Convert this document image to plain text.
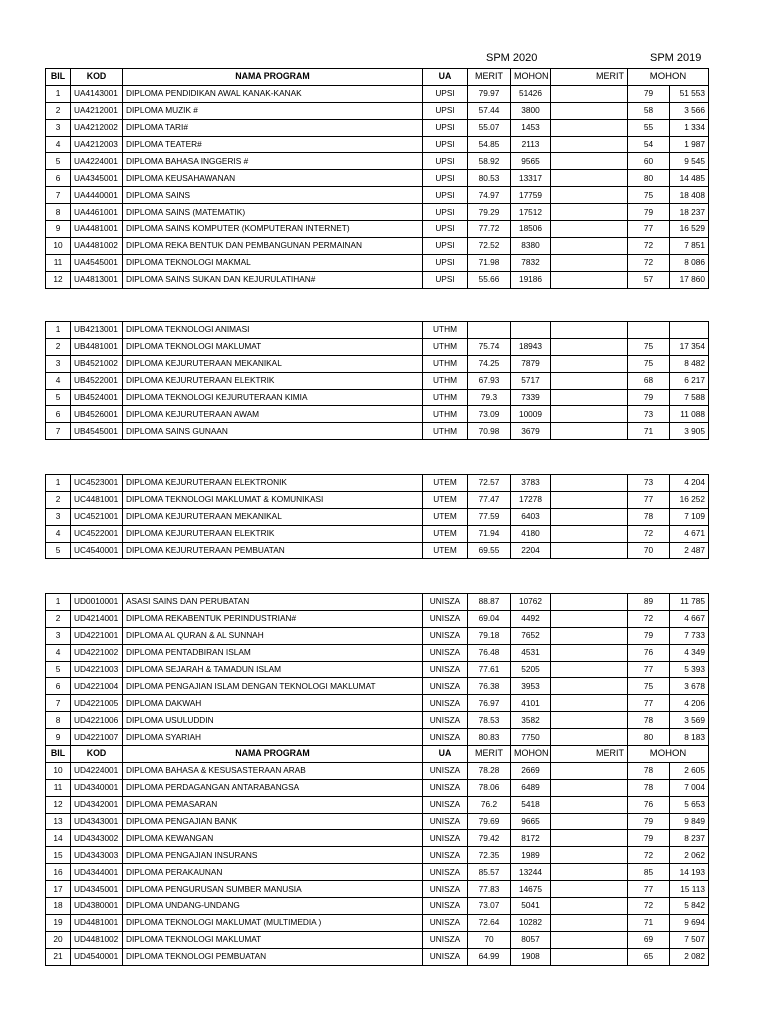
SPM 2020	SPM 2019
BIL	KOD	NAMA PROGRAM	UA	MERIT	MOHON	MERIT	MOHON	
1	UA4143001	DIPLOMA PENDIDIKAN AWAL KANAK-KANAK	UPSI	79.97	51426		79	51 553
2	UA4212001	DIPLOMA MUZIK #	UPSI	57.44	3800		58	3 566
3	UA4212002	DIPLOMA TARI#	UPSI	55.07	1453		55	1 334
4	UA4212003	DIPLOMA TEATER#	UPSI	54.85	2113		54	1 987
5	UA4224001	DIPLOMA BAHASA INGGERIS #	UPSI	58.92	9565		60	9 545
6	UA4345001	DIPLOMA KEUSAHAWANAN	UPSI	80.53	13317		80	14 485
7	UA4440001	DIPLOMA SAINS	UPSI	74.97	17759		75	18 408
8	UA4461001	DIPLOMA SAINS (MATEMATIK)	UPSI	79.29	17512		79	18 237
9	UA4481001	DIPLOMA SAINS KOMPUTER (KOMPUTERAN INTERNET)	UPSI	77.72	18506		77	16 529
10	UA4481002	DIPLOMA REKA BENTUK DAN PEMBANGUNAN PERMAINAN	UPSI	72.52	8380		72	7 851
11	UA4545001	DIPLOMA TEKNOLOGI MAKMAL	UPSI	71.98	7832		72	8 086
12	UA4813001	DIPLOMA SAINS SUKAN DAN KEJURULATIHAN#	UPSI	55.66	19186		57	17 860
1	UB4213001	DIPLOMA TEKNOLOGI ANIMASI	UTHM					
2	UB4481001	DIPLOMA TEKNOLOGI MAKLUMAT	UTHM	75.74	18943		75	17 354
3	UB4521002	DIPLOMA KEJURUTERAAN MEKANIKAL	UTHM	74.25	7879		75	8 482
4	UB4522001	DIPLOMA KEJURUTERAAN ELEKTRIK	UTHM	67.93	5717		68	6 217
5	UB4524001	DIPLOMA TEKNOLOGI KEJURUTERAAN KIMIA	UTHM	79.3	7339		79	7 588
6	UB4526001	DIPLOMA KEJURUTERAAN AWAM	UTHM	73.09	10009		73	11 088
7	UB4545001	DIPLOMA SAINS GUNAAN	UTHM	70.98	3679		71	3 905
1	UC4523001	DIPLOMA KEJURUTERAAN ELEKTRONIK	UTEM	72.57	3783		73	4 204
2	UC4481001	DIPLOMA TEKNOLOGI MAKLUMAT & KOMUNIKASI	UTEM	77.47	17278		77	16 252
3	UC4521001	DIPLOMA KEJURUTERAAN MEKANIKAL	UTEM	77.59	6403		78	7 109
4	UC4522001	DIPLOMA KEJURUTERAAN ELEKTRIK	UTEM	71.94	4180		72	4 671
5	UC4540001	DIPLOMA KEJURUTERAAN PEMBUATAN	UTEM	69.55	2204		70	2 487
1	UD0010001	ASASI SAINS DAN PERUBATAN	UNISZA	88.87	10762		89	11 785
2	UD4214001	DIPLOMA REKABENTUK PERINDUSTRIAN#	UNISZA	69.04	4492		72	4 667
3	UD4221001	DIPLOMA AL QURAN & AL SUNNAH	UNISZA	79.18	7652		79	7 733
4	UD4221002	DIPLOMA PENTADBIRAN ISLAM	UNISZA	76.48	4531		76	4 349
5	UD4221003	DIPLOMA SEJARAH & TAMADUN ISLAM	UNISZA	77.61	5205		77	5 393
6	UD4221004	DIPLOMA PENGAJIAN ISLAM DENGAN TEKNOLOGI MAKLUMAT	UNISZA	76.38	3953		75	3 678
7	UD4221005	DIPLOMA DAKWAH	UNISZA	76.97	4101		77	4 206
8	UD4221006	DIPLOMA USULUDDIN	UNISZA	78.53	3582		78	3 569
9	UD4221007	DIPLOMA SYARIAH	UNISZA	80.83	7750		80	8 183
BIL	KOD	NAMA PROGRAM	UA	MERIT	MOHON	MERIT	MOHON	
10	UD4224001	DIPLOMA BAHASA & KESUSASTERAAN ARAB	UNISZA	78.28	2669		78	2 605
11	UD4340001	DIPLOMA PERDAGANGAN ANTARABANGSA	UNISZA	78.06	6489		78	7 004
12	UD4342001	DIPLOMA PEMASARAN	UNISZA	76.2	5418		76	5 653
13	UD4343001	DIPLOMA PENGAJIAN BANK	UNISZA	79.69	9665		79	9 849
14	UD4343002	DIPLOMA KEWANGAN	UNISZA	79.42	8172		79	8 237
15	UD4343003	DIPLOMA PENGAJIAN INSURANS	UNISZA	72.35	1989		72	2 062
16	UD4344001	DIPLOMA PERAKAUNAN	UNISZA	85.57	13244		85	14 193
17	UD4345001	DIPLOMA PENGURUSAN SUMBER MANUSIA	UNISZA	77.83	14675		77	15 113
18	UD4380001	DIPLOMA UNDANG-UNDANG	UNISZA	73.07	5041		72	5 842
19	UD4481001	DIPLOMA TEKNOLOGI MAKLUMAT (MULTIMEDIA )	UNISZA	72.64	10282		71	9 694
20	UD4481002	DIPLOMA TEKNOLOGI MAKLUMAT	UNISZA	70	8057		69	7 507
21	UD4540001	DIPLOMA TEKNOLOGI PEMBUATAN	UNISZA	64.99	1908		65	2 082
